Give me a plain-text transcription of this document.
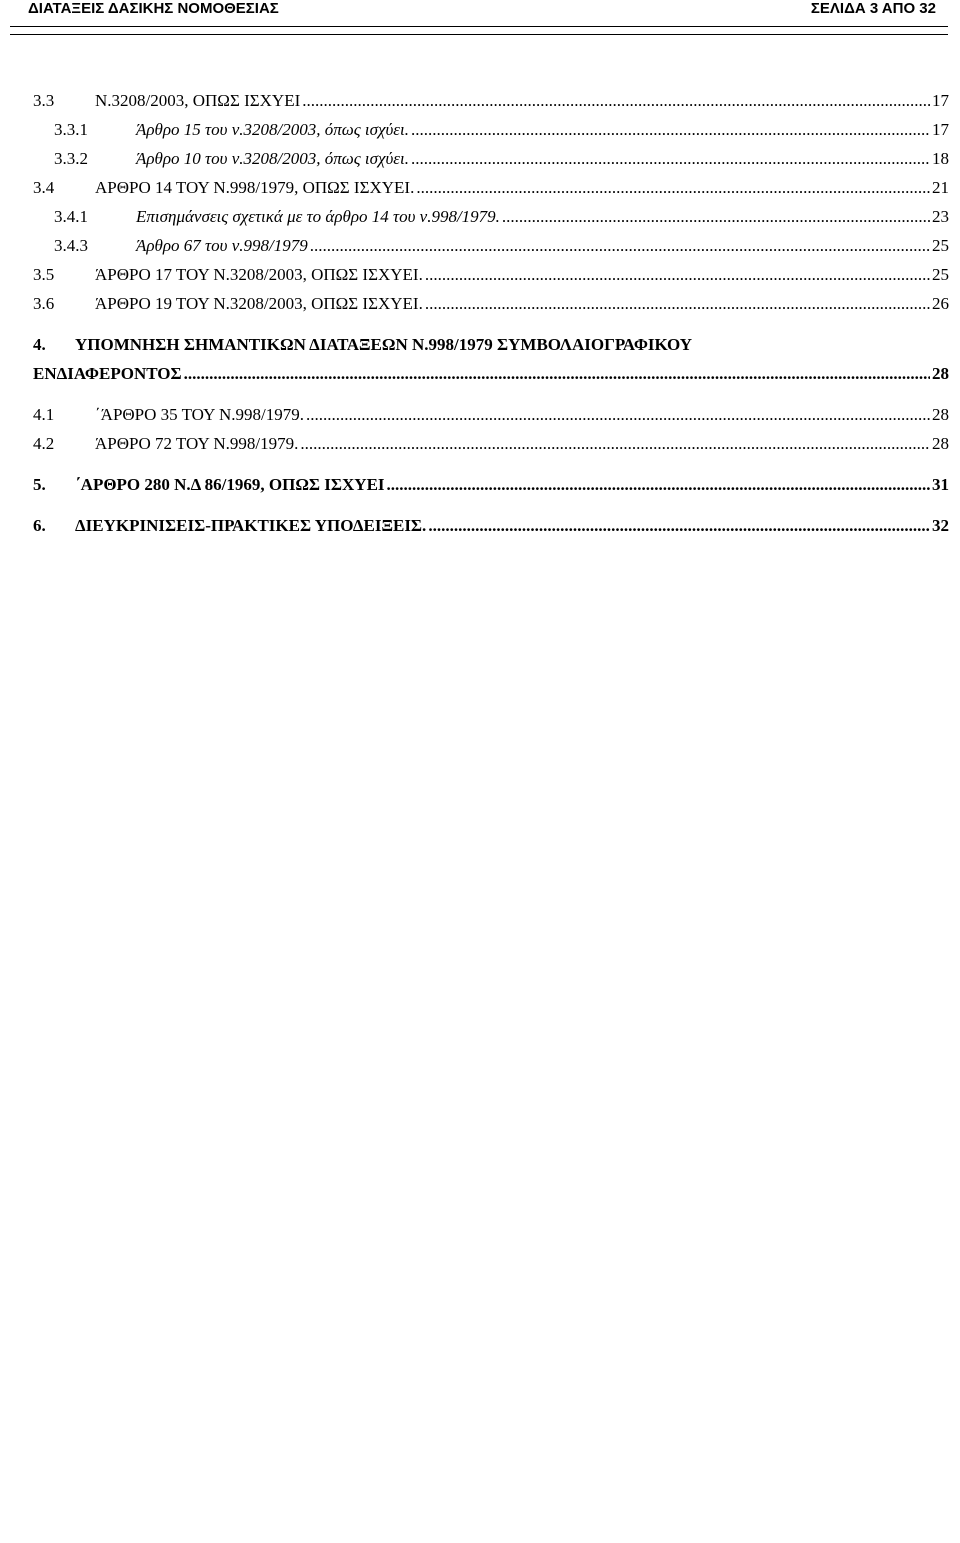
ΔΙΑΤΑΞΕΙΣ ΔΑΣΙΚΗΣ ΝΟΜΟΘΕΣΙΑΣ	ΣΕΛΙΔΑ 3 ΑΠΟ 32
3.3 Ν.3208/2003, ΟΠΩΣ ΙΣΧΥΕΙ .....	17
3.3.1	Άρθρο 15 του ν.3208/2003, όπως ισχύει. .....	17
3.3.2	Άρθρο 10 του ν.3208/2003, όπως ισχύει. .....	18
3.4 ΑΡΘΡΟ 14 ΤΟΥ Ν.998/1979, ΟΠΩΣ ΙΣΧΥΕΙ. .....	21
3.4.1	Επισημάνσεις σχετικά με το άρθρο 14 του ν.998/1979. .....	23
3.4.3	Άρθρο 67 του ν.998/1979 .....	25
3.5 ΆΡΘΡΟ 17 ΤΟΥ Ν.3208/2003, ΟΠΩΣ ΙΣΧΥΕΙ. .....	25
3.6 ΆΡΘΡΟ 19 ΤΟΥ Ν.3208/2003, ΟΠΩΣ ΙΣΧΥΕΙ. .....	26
4. ΥΠΟΜΝΗΣΗ ΣΗΜΑΝΤΙΚΩΝ ΔΙΑΤΑΞΕΩΝ Ν.998/1979 ΣΥΜΒΟΛΑΙΟΓΡΑΦΙΚΟΥ
ΕΝΔΙΑΦΕΡΟΝΤΟΣ .....	28
4.1 ΄ΆΡΘΡΟ 35 ΤΟΥ Ν.998/1979. .....	28
4.2 ΆΡΘΡΟ 72 ΤΟΥ Ν.998/1979. .....	28
5. ΄ΑΡΘΡΟ 280 Ν.Δ 86/1969, ΟΠΩΣ ΙΣΧΥΕΙ .....	31
6. ΔΙΕΥΚΡΙΝΙΣΕΙΣ-ΠΡΑΚΤΙΚΕΣ ΥΠΟΔΕΙΞΕΙΣ. .....	32
